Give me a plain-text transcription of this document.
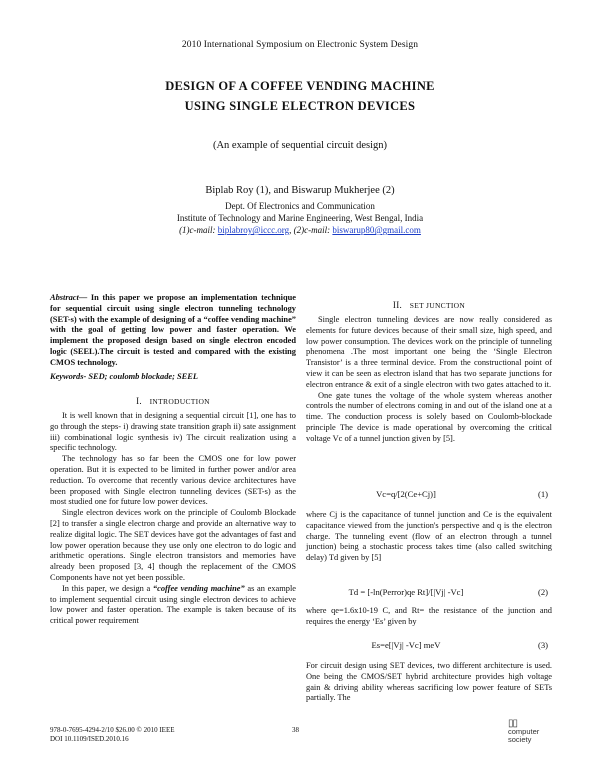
2010 International Symposium on Electronic System Design
DESIGN OF A COFFEE VENDING MACHINE
USING SINGLE ELECTRON DEVICES
(An example of sequential circuit design)
Biplab Roy (1), and Biswarup Mukherjee (2)
Dept. Of Electronics and Communication
Institute of Technology and Marine Engineering, West Bengal, India
(1)c-mail: biplabroy@iccc.org, (2)c-mail: biswarup80@gmail.com
Abstract— In this paper we propose an implementation technique for sequential circuit using single electron tunneling technology (SET-s) with the example of designing of a “coffee vending machine” with the goal of getting low power and faster operation. We implement the proposed design based on single electron encoded logic (SEEL).The circuit is tested and compared with the existing CMOS technology.
Keywords- SED; coulomb blockade; SEEL
I. INTRODUCTION

It is well known that in designing a sequential circuit [1], one has to go through the steps- i) drawing state transition graph ii) sate assignment iii) combinational logic synthesis iv) The circuit realization using a specific technology.

The technology has so far been the CMOS one for low power operation. But it is expected to be limited in further power and/or area reduction. To overcome that recently various device architectures have been proposed with Single electron tunneling devices (SET-s) as the most studied one for future low power devices.

Single electron devices work on the principle of Coulomb Blockade [2] to transfer a single electron charge and provide an alternative way to realize digital logic. The SET devices have got the advantages of fast and low power operation because they use only one electron to do logic and arithmetic operations. Single electron transistors and memories have already been proposed [3, 4] though the replacement of the CMOS Components have not yet been possible.

In this paper, we design a “coffee vending machine” as an example to implement sequential circuit using single electron devices to achieve low power and faster operation. The example is taken because of its critical power requirement

II. SET JUNCTION

Single electron tunneling devices are now really considered as elements for future devices because of their small size, high speed, and low power consumption. The devices work on the principle of tunneling phenomena .The most important one being the ‘Single Electron Transistor’ is a three terminal device. From the constructional point of view it can be seen as electron island that has two separate junctions for electron entrance & exit of a single electron with two gates attached to it.

One gate tunes the voltage of the whole system whereas another controls the number of electrons coming in and out of the island one at a time. The conduction process is solely based on Coulomb-blockade principle The device is made operational by overcoming the critical voltage Vc of a tunnel junction given by [5].

Vc=q/[2(Ce+Cj)]	(1)

where Cj is the capacitance of tunnel junction and Ce is the equivalent capacitance viewed from the junction's perspective and q is the electron charge. The tunneling event (flow of an electron through a tunnel junction) being a stochastic process takes time (also called switching delay) Td given by [5]

Td = [-ln(Perror)qe Rt]/[|Vj| -Vc]	(2)

where qe=1.6x10-19 C, and Rt= the resistance of the junction and requires the energy ‘Es’ given by

Es=e[|Vj| -Vc] meV	(3)

For circuit design using SET devices, two different architecture is used. One being the CMOS/SET hybrid architecture provides high voltage gain & driving ability whereas sacrificing low power feature of SETs partially. The

978-0-7695-4294-2/10 $26.00 © 2010 IEEE
DOI 10.1109/ISED.2010.16
38
▯▯
computer
society
